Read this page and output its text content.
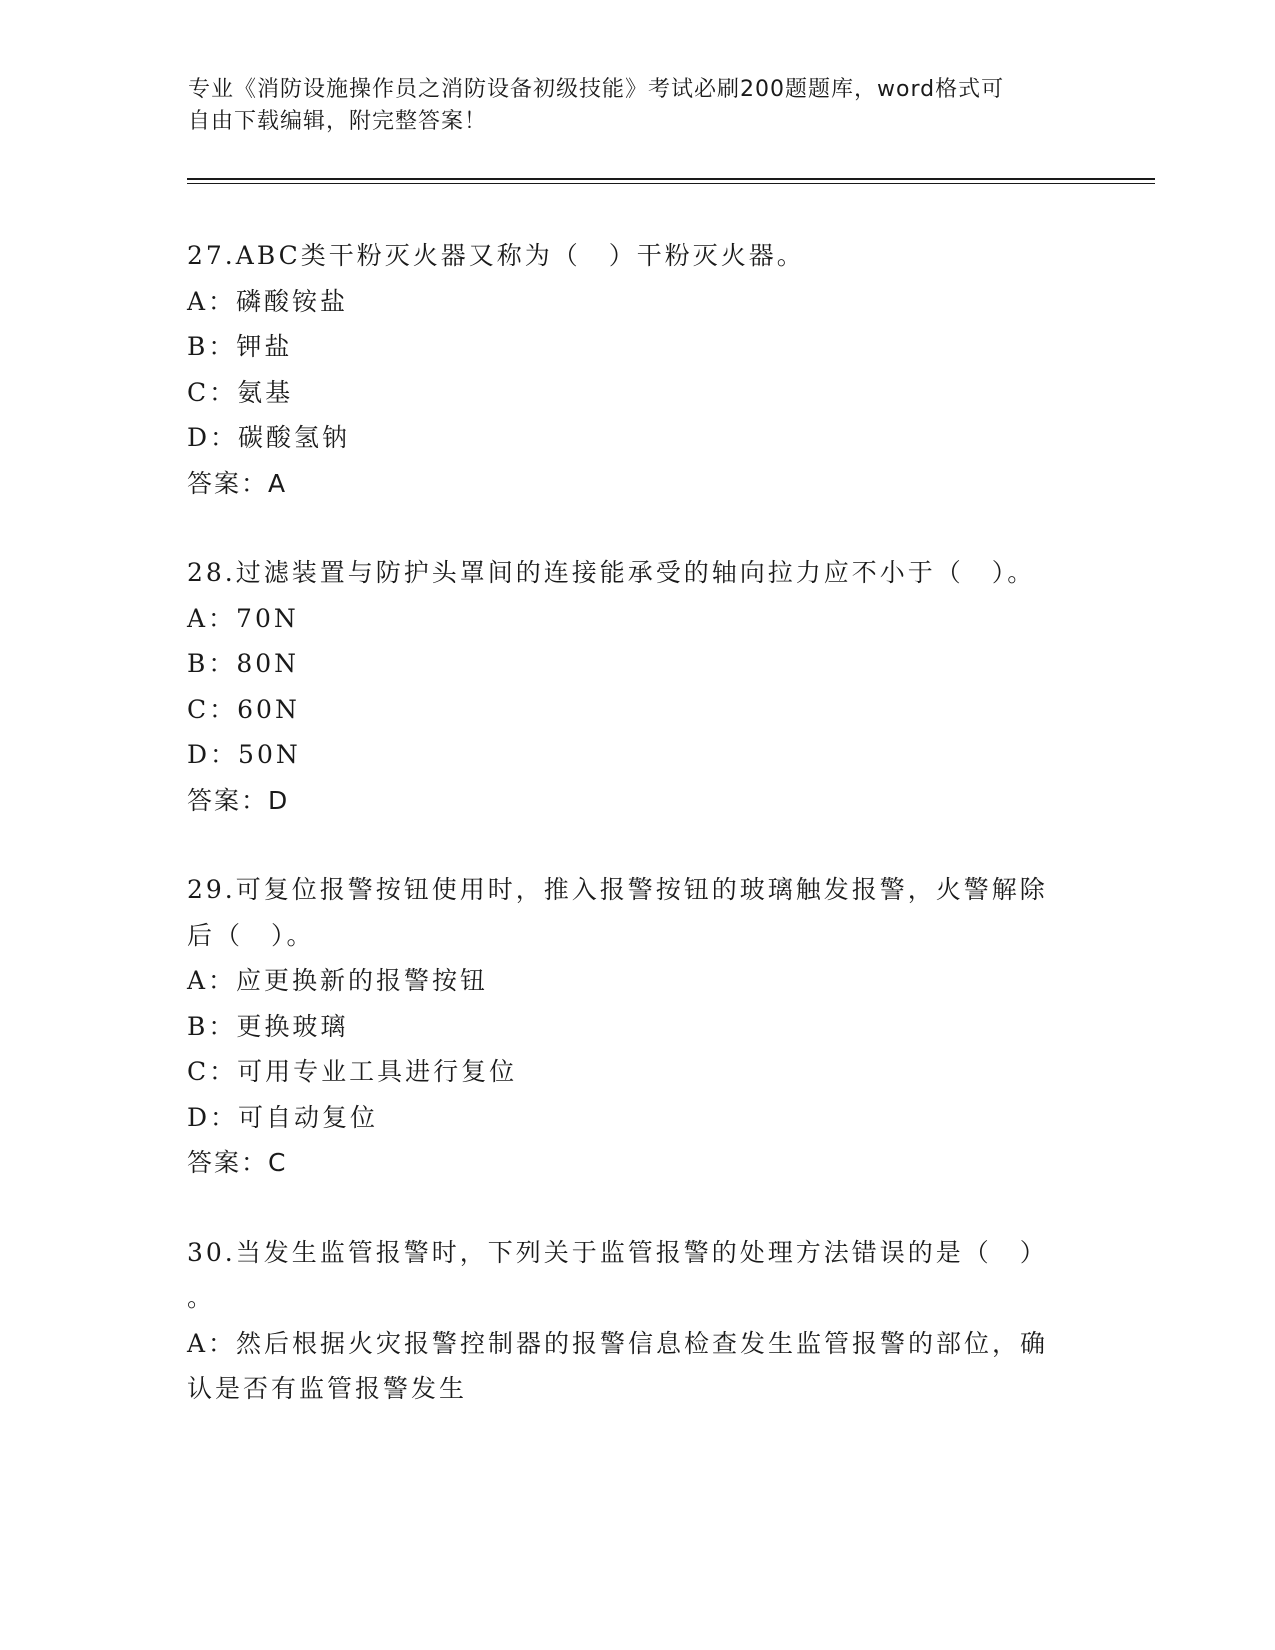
专业《消防设施操作员之消防设备初级技能》考试必刷200题题库，word格式可
自由下载编辑，附完整答案！
27.ABC类干粉灭火器又称为（　）干粉灭火器。
A：磷酸铵盐
B：钾盐
C：氨基
D：碳酸氢钠
答案：A
28.过滤装置与防护头罩间的连接能承受的轴向拉力应不小于（　）。
A：70N
B：80N
C：60N
D：50N
答案：D
29.可复位报警按钮使用时，推入报警按钮的玻璃触发报警，火警解除
后（　）。
A：应更换新的报警按钮
B：更换玻璃
C：可用专业工具进行复位
D：可自动复位
答案：C
30.当发生监管报警时，下列关于监管报警的处理方法错误的是（　）
。
A：然后根据火灾报警控制器的报警信息检查发生监管报警的部位，确
认是否有监管报警发生
